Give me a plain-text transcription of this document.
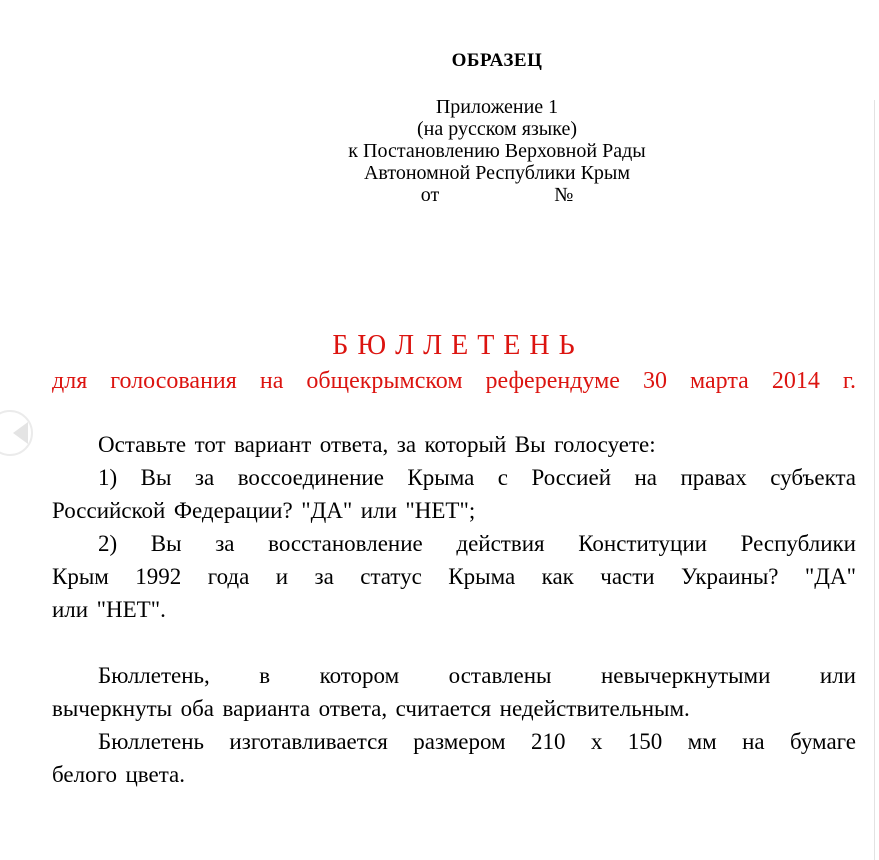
ОБРАЗЕЦ
Приложение 1
(на русском языке)
к Постановлению Верховной Рады
Автономной Республики Крым
от                       №
Б Ю Л Л Е Т Е Н Ь
для голосования на общекрымском референдуме 30 марта 2014 г.
Оставьте тот вариант ответа, за который Вы голосуете:
1) Вы за воссоединение Крыма с Россией на правах субъекта
Российской Федерации? "ДА" или "НЕТ";
2) Вы за восстановление действия Конституции Республики
Крым 1992 года и за статус Крыма как части Украины? "ДА"
или "НЕТ".
Бюллетень, в котором оставлены невычеркнутыми или
вычеркнуты оба варианта ответа, считается недействительным.
Бюллетень изготавливается размером 210 х 150 мм на бумаге
белого цвета.
